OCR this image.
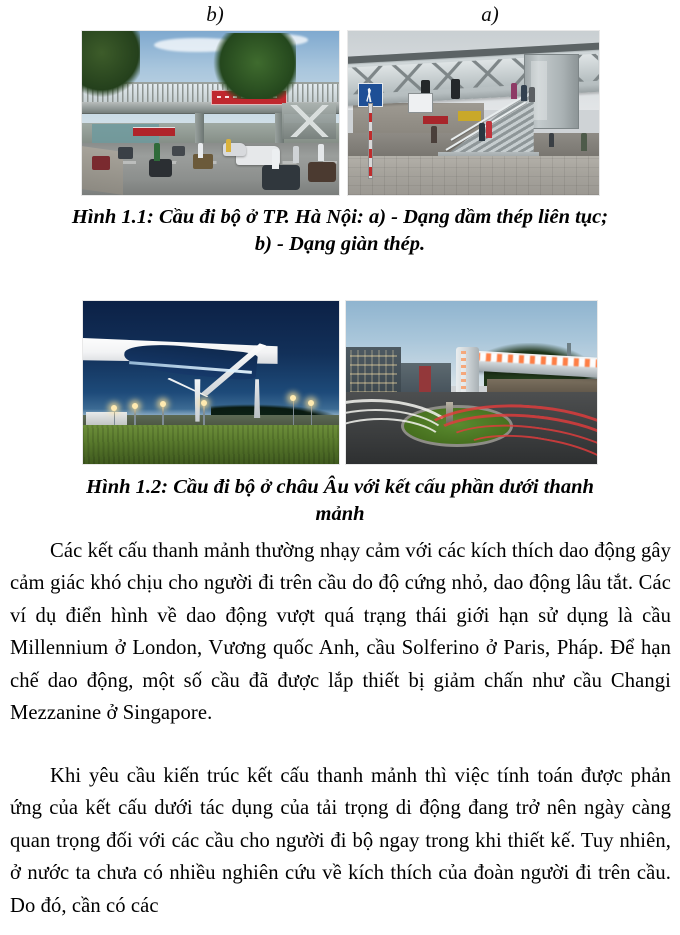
b)	a)
Hình 1.1: Cầu đi bộ ở TP. Hà Nội: a) - Dạng dầm thép liên tục;
b) - Dạng giàn thép.
Hình 1.2: Cầu đi bộ ở châu Âu với kết cấu phần dưới thanh
mảnh

Các kết cấu thanh mảnh thường nhạy cảm với các kích thích dao động gây cảm giác khó chịu cho người đi trên cầu do độ cứng nhỏ, dao động lâu tắt. Các ví dụ điển hình về dao động vượt quá trạng thái giới hạn sử dụng là cầu Millennium ở London, Vương quốc Anh, cầu Solferino ở Paris, Pháp. Để hạn chế dao động, một số cầu đã được lắp thiết bị giảm chấn như cầu Changi Mezzanine ở Singapore.

Khi yêu cầu kiến trúc kết cấu thanh mảnh thì việc tính toán được phản ứng của kết cấu dưới tác dụng của tải trọng di động đang trở nên ngày càng quan trọng đối với các cầu cho người đi bộ ngay trong khi thiết kế. Tuy nhiên, ở nước ta chưa có nhiều nghiên cứu về kích thích của đoàn người đi trên cầu. Do đó, cần có các
